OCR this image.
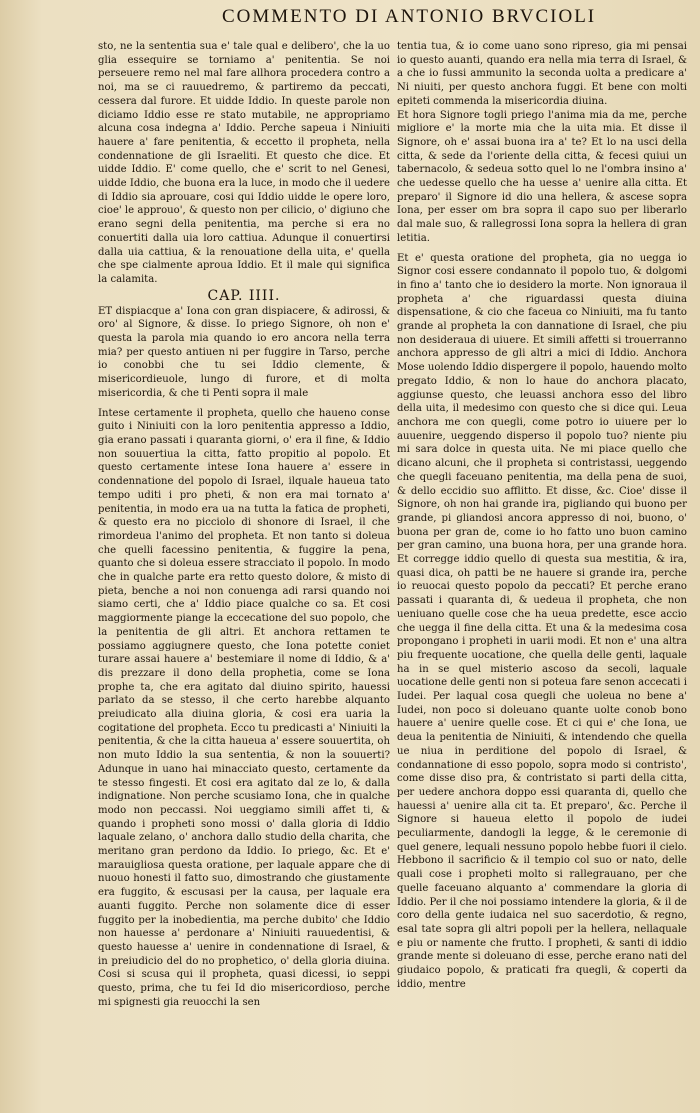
COMMENTO DI ANTONIO BRVCIOLI

sto, ne la sententia sua e' tale qual e delibero', che la uo glia essequire se torniamo a' penitentia. Se noi perseuere remo nel mal fare allhora procedera contro a noi, ma se ci rauuedremo, & partiremo da peccati, cessera dal furore. Et uidde Iddio. In queste parole non diciamo Iddio esse re stato mutabile, ne appropriamo alcuna cosa indegna a' Iddio. Perche sapeua i Niniuiti hauere a' fare penitentia, & eccetto il propheta, nella condennatione de gli Israeliti. Et questo che dice. Et uidde Iddio. E' come quello, che e' scrit to nel Genesi, uidde Iddio, che buona era la luce, in modo che il uedere di Iddio sia aprouare, cosi qui Iddio uidde le opere loro, cioe' le approuo', & questo non per cilicio, o' digiuno che erano segni della penitentia, ma perche si era no conuertiti dalla uia loro cattiua. Adunque il conuertirsi dalla uia cattiua, & la renouatione della uita, e' quella che spe cialmente aproua Iddio. Et il male qui significa la calamita.

CAP. IIII.

ET dispiacque a' Iona con gran dispiacere, & adirossi, & oro' al Signore, & disse. Io priego Signore, oh non e' questa la parola mia quando io ero ancora nella terra mia? per questo antiuen ni per fuggire in Tarso, perche io conobbi che tu sei Iddio clemente, & misericordieuole, lungo di furore, et di molta misericordia, & che ti Penti sopra il male

Intese certamente il propheta, quello che haueno conse guito i Niniuiti con la loro penitentia appresso a Iddio, gia erano passati i quaranta giorni, o' era il fine, & Iddio non souuertiua la citta, fatto propitio al popolo. Et questo certamente intese Iona hauere a' essere in condennatione del popolo di Israel, ilquale haueua tato tempo uditi i pro pheti, & non era mai tornato a' penitentia, in modo era ua na tutta la fatica de propheti, & questo era no picciolo di shonore di Israel, il che rimordeua l'animo del propheta. Et non tanto si doleua che quelli facessino penitentia, & fuggire la pena, quanto che si doleua essere stracciato il popolo. In modo che in qualche parte era retto questo dolore, & misto di pieta, benche a noi non conuenga adi rarsi quando noi siamo certi, che a' Iddio piace qualche co sa. Et cosi maggiormente piange la eccecatione del suo popolo, che la penitentia de gli altri. Et anchora rettamen te possiamo aggiugnere questo, che Iona potette coniet turare assai hauere a' bestemiare il nome di Iddio, & a' dis prezzare il dono della prophetia, come se Iona prophe ta, che era agitato dal diuino spirito, hauessi parlato da se stesso, il che certo harebbe alquanto preiudicato alla diuina gloria, & cosi era uaria la cogitatione del propheta. Ecco tu predicasti a' Niniuiti la penitentia, & che la citta haueua a' essere souuertita, oh non muto Iddio la sua sententia, & non la souuerti? Adunque in uano hai minacciato questo, certamente da te stesso fingesti. Et cosi era agitato dal ze lo, & dalla indignatione. Non perche scusiamo Iona, che in qualche modo non peccassi. Noi ueggiamo simili affet ti, & quando i propheti sono mossi o' dalla gloria di Iddio laquale zelano, o' anchora dallo studio della charita, che meritano gran perdono da Iddio. Io priego, &c. Et e' marauigliosa questa oratione, per laquale appare che di nuouo honesti il fatto suo, dimostrando che giustamente era fuggito, & escusasi per la causa, per laquale era auanti fuggito. Perche non solamente dice di esser fuggito per la inobedientia, ma perche dubito' che Iddio non hauesse a' perdonare a' Niniuiti rauuedentisi, & questo hauesse a' uenire in condennatione di Israel, & in preiudicio del do no prophetico, o' della gloria diuina. Cosi si scusa qui il propheta, quasi dicessi, io seppi questo, prima, che tu fei Id dio misericordioso, perche mi spignesti gia reuocchi la sen

tentia tua, & io come uano sono ripreso, gia mi pensai io questo auanti, quando era nella mia terra di Israel, & a che io fussi ammunito la seconda uolta a predicare a' Ni niuiti, per questo anchora fuggi. Et bene con molti epiteti commenda la misericordia diuina.

Et hora Signore togli priego l'anima mia da me, perche migliore e' la morte mia che la uita mia. Et disse il Signore, oh e' assai buona ira a' te? Et lo na usci della citta, & sede da l'oriente della citta, & fecesi quiui un tabernacolo, & sedeua sotto quel lo ne l'ombra insino a' che uedesse quello che ha uesse a' uenire alla citta. Et preparo' il Signore id dio una hellera, & ascese sopra Iona, per esser om bra sopra il capo suo per liberarlo dal male suo, & rallegrossi Iona sopra la hellera di gran letitia.

Et e' questa oratione del propheta, gia no uegga io Signor cosi essere condannato il popolo tuo, & dolgomi in fino a' tanto che io desidero la morte. Non ignoraua il propheta a' che riguardassi questa diuina dispensatione, & cio che faceua co Niniuiti, ma fu tanto grande al propheta la con dannatione di Israel, che piu non desideraua di uiuere. Et simili affetti si trouerranno anchora appresso de gli altri a mici di Iddio. Anchora Mose uolendo Iddio dispergere il popolo, hauendo molto pregato Iddio, & non lo haue do anchora placato, aggiunse questo, che leuassi anchora esso del libro della uita, il medesimo con questo che si dice qui. Leua anchora me con quegli, come potro io uiuere per lo auuenire, ueggendo disperso il popolo tuo? niente piu mi sara dolce in questa uita. Ne mi piace quello che dicano alcuni, che il propheta si contristassi, ueggendo che quegli faceuano penitentia, ma della pena de suoi, & dello eccidio suo afflitto. Et disse, &c. Cioe' disse il Signore, oh non hai grande ira, pigliando qui buono per grande, pi gliandosi ancora appresso di noi, buono, o' buona per gran de, come io ho fatto uno buon camino per gran camino, una buona hora, per una grande hora. Et corregge iddio quello di questa sua mestitia, & ira, quasi dica, oh patti be ne hauere si grande ira, perche io reuocai questo popolo da peccati? Et perche erano passati i quaranta di, & uedeua il propheta, che non ueniuano quelle cose che ha ueua predette, esce accio che uegga il fine della citta. Et una & la medesima cosa propongano i propheti in uarii modi. Et non e' una altra piu frequente uocatione, che quella delle genti, laquale ha in se quel misterio ascoso da secoli, laquale uocatione delle genti non si poteua fare senon accecati i Iudei. Per laqual cosa quegli che uoleua no bene a' Iudei, non poco si doleuano quante uolte conob bono hauere a' uenire quelle cose. Et ci qui e' che Iona, ue deua la penitentia de Niniuiti, & intendendo che quella ue niua in perditione del popolo di Israel, & condannatione di esso popolo, sopra modo si contristo', come disse diso pra, & contristato si parti della citta, per uedere anchora doppo essi quaranta di, quello che hauessi a' uenire alla cit ta. Et preparo', &c. Perche il Signore si haueua eletto il popolo de iudei peculiarmente, dandogli la legge, & le ceremonie di quel genere, lequali nessuno popolo hebbe fuori il cielo. Hebbono il sacrificio & il tempio col suo or nato, delle quali cose i propheti molto si rallegrauano, per che quelle faceuano alquanto a' commendare la gloria di Iddio. Per il che noi possiamo intendere la gloria, & il de coro della gente iudaica nel suo sacerdotio, & regno, esal tate sopra gli altri popoli per la hellera, nellaquale e piu or namente che frutto. I propheti, & santi di iddio grande mente si doleuano di esse, perche erano nati del giudaico popolo, & praticati fra quegli, & coperti da iddio, mentre
